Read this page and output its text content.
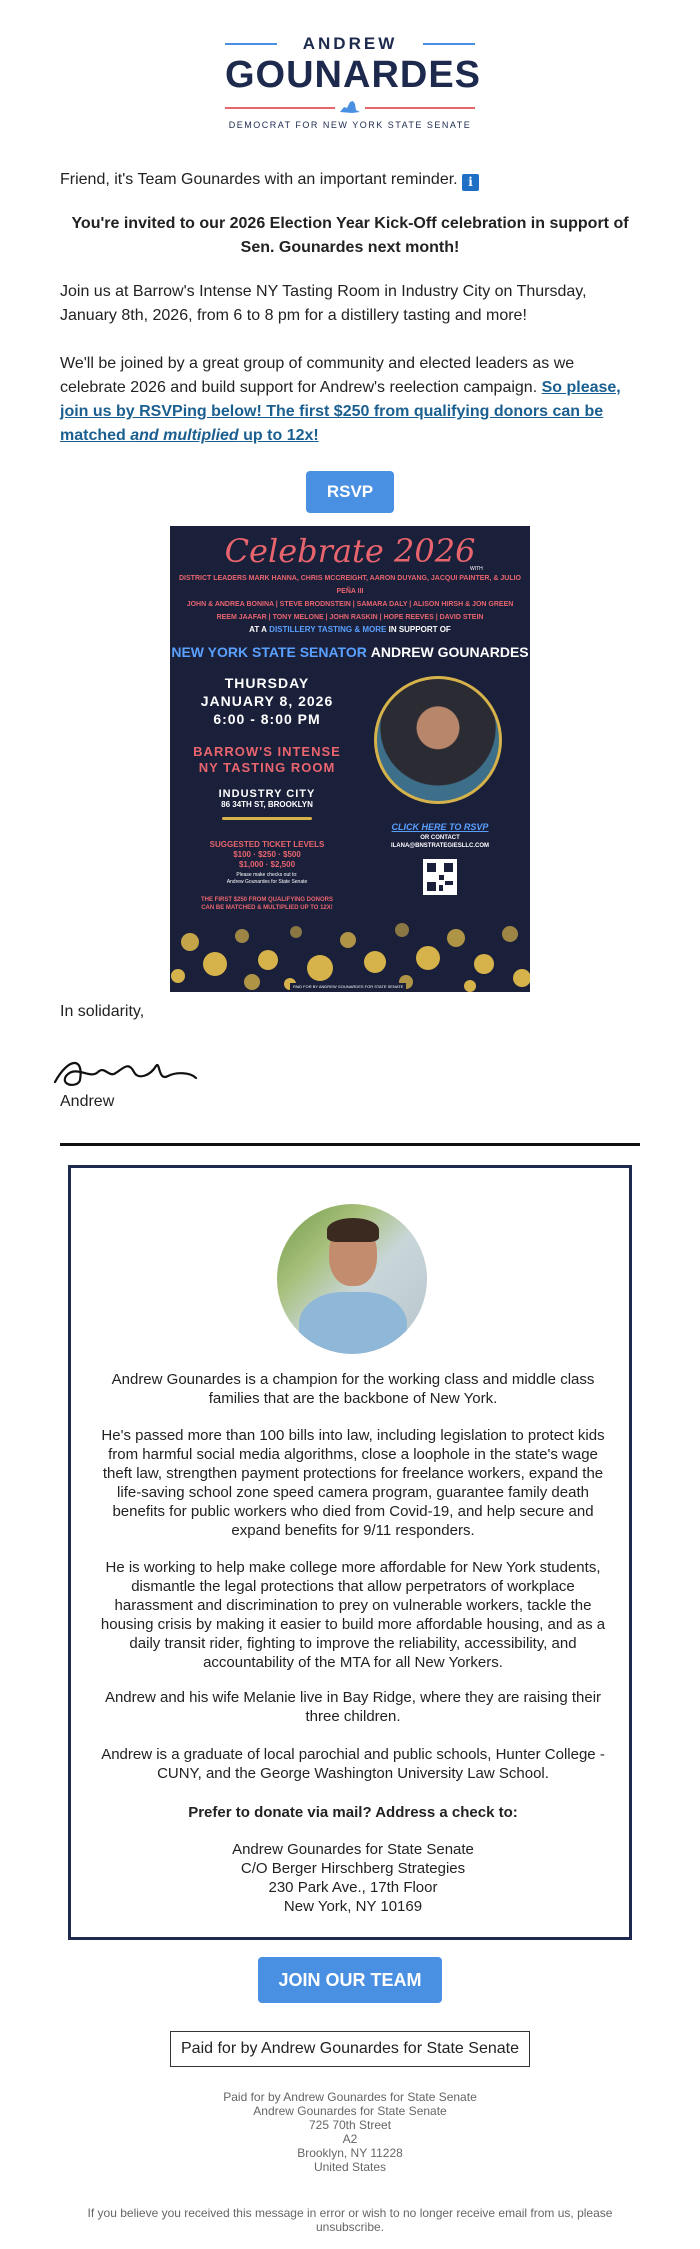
ANDREW
GOUNARDES
DEMOCRAT FOR NEW YORK STATE SENATE
Friend, it's Team Gounardes with an important reminder. i
You're invited to our 2026 Election Year Kick-Off celebration in support of Sen. Gounardes next month!
Join us at Barrow's Intense NY Tasting Room in Industry City on Thursday, January 8th, 2026, from 6 to 8 pm for a distillery tasting and more!
We'll be joined by a great group of community and elected leaders as we celebrate 2026 and build support for Andrew's reelection campaign. So please, join us by RSVPing below! The first $250 from qualifying donors can be matched and multiplied up to 12x!
RSVP
Celebrate 2026
WITH
DISTRICT LEADERS MARK HANNA, CHRIS MCCREIGHT, AARON DUYANG, JACQUI PAINTER, & JULIO PEÑA III
JOHN & ANDREA BONINA | STEVE BRODNSTEIN | SAMARA DALY | ALISON HIRSH & JON GREEN
REEM JAAFAR | TONY MELONE | JOHN RASKIN | HOPE REEVES | DAVID STEIN
AT A DISTILLERY TASTING & MORE IN SUPPORT OF
NEW YORK STATE SENATOR ANDREW GOUNARDES
THURSDAY
JANUARY 8, 2026
6:00 - 8:00 PM
BARROW'S INTENSE
NY TASTING ROOM
INDUSTRY CITY
86 34TH ST, BROOKLYN
SUGGESTED TICKET LEVELS
$100 · $250 · $500
$1,000 · $2,500
Please make checks out to:
Andrew Gounardes for State Senate
THE FIRST $250 FROM QUALIFYING DONORS
CAN BE MATCHED & MULTIPLIED UP TO 12X!
CLICK HERE TO RSVP
OR CONTACT
ILANA@BNSTRATEGIESLLC.COM
PAID FOR BY ANDREW GOUNARDES FOR STATE SENATE
In solidarity,
Andrew
Andrew Gounardes is a champion for the working class and middle class families that are the backbone of New York.
He's passed more than 100 bills into law, including legislation to protect kids from harmful social media algorithms, close a loophole in the state's wage theft law, strengthen payment protections for freelance workers, expand the life-saving school zone speed camera program, guarantee family death benefits for public workers who died from Covid-19, and help secure and expand benefits for 9/11 responders.
He is working to help make college more affordable for New York students, dismantle the legal protections that allow perpetrators of workplace harassment and discrimination to prey on vulnerable workers, tackle the housing crisis by making it easier to build more affordable housing, and as a daily transit rider, fighting to improve the reliability, accessibility, and accountability of the MTA for all New Yorkers.
Andrew and his wife Melanie live in Bay Ridge, where they are raising their three children.
Andrew is a graduate of local parochial and public schools, Hunter College - CUNY, and the George Washington University Law School.
Prefer to donate via mail? Address a check to:
Andrew Gounardes for State Senate
C/O Berger Hirschberg Strategies
230 Park Ave., 17th Floor
New York, NY 10169
JOIN OUR TEAM
Paid for by Andrew Gounardes for State Senate
Paid for by Andrew Gounardes for State Senate
Andrew Gounardes for State Senate
725 70th Street
A2
Brooklyn, NY 11228
United States
If you believe you received this message in error or wish to no longer receive email from us, please unsubscribe.
